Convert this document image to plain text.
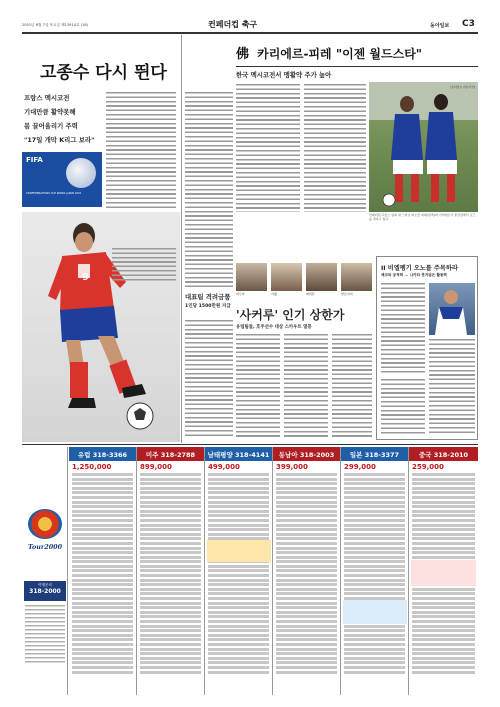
2001년 6월 7일 목요일 제13914호 (16)	컨페더컵 축구	동아일보 C3
고종수 다시 뛴다
프랑스 멕시코전
기대만큼 활약못해
몸 끌어올리기 주력
"17일 개막 K리그 보라"
FIFA
CONFEDERATIONS CUP KOREA JAPAN 2001
9
대표팀 격려금품
1인당 1500만원 지급
佛 카리에르-피레 "이젠 월드스타"
한국 멕시코전서 맹활약 주가 높아
[동아일보 자료사진]
컨페더컵 프랑스 팀의 새 스타로 떠오른 피레(왼쪽)와 카리에르가 훈련장에서 포즈를 취하고 있다.
비두카	키웰	에머튼	알로이지
'사커루' 인기 상한가
유럽팀들, 호주선수 대상 스카우트 열풍
II 비엘펭기 오노를 주목하라
체코와 공격력 ... 나카타 못지않은 활동력
Tour2000
여행문의
318-2000
유럽 318-3366
1,250,000
미주 318-2788
899,000
남태평양 318-4141
499,000
동남아 318-2003
399,000
일본 318-3377
299,000
중국 318-2010
259,000
